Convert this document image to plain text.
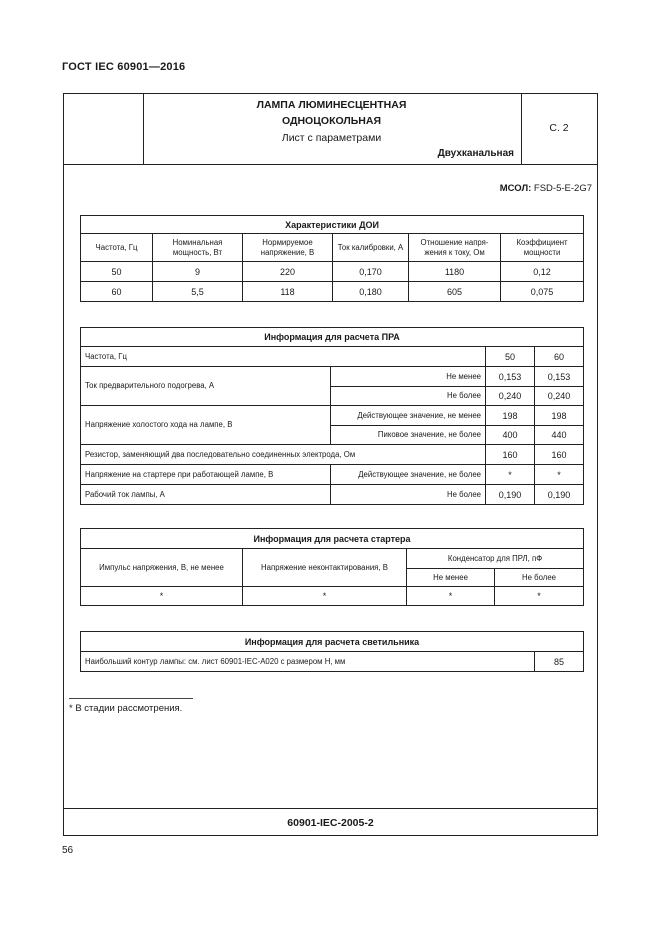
ГОСТ IEC 60901—2016
ЛАМПА ЛЮМИНЕСЦЕНТНАЯ
ОДНОЦОКОЛЬНАЯ
Лист с параметрами
Двухканальная
С. 2
МСОЛ: FSD-5-E-2G7
Характеристики ДОИ					
Частота, Гц	Номинальная мощность, Вт	Нормируемое напряжение, В	Ток калибровки, А	Отношение напря-жения к току, Ом	Коэффициент мощности
50	9	220	0,170	1180	0,12
60	5,5	118	0,180	605	0,075
Информация для расчета ПРА			
Частота, Гц		50	60
Ток предварительного подогрева, А	Не менее	0,153	0,153
	Не более	0,240	0,240
Напряжение холостого хода на лампе, В	Действующее значение, не менее	198	198
	Пиковое значение, не более	400	440
Резистор, заменяющий два последовательно соединенных электрода, Ом		160	160
Напряжение на стартере при работающей лампе, В	Действующее значение, не более	*	*
Рабочий ток лампы, А	Не более	0,190	0,190
Информация для расчета стартера			
Импульс напряжения, В, не менее	Напряжение неконтактирования, В	Конденсатор для ПРЛ, пФ	
		Не менее	Не более
*	*	*	*
Информация для расчета светильника
Наибольший контур лампы: см. лист 60901-IEC-A020 с размером H, мм	85
* В стадии рассмотрения.
60901-IEC-2005-2
56
